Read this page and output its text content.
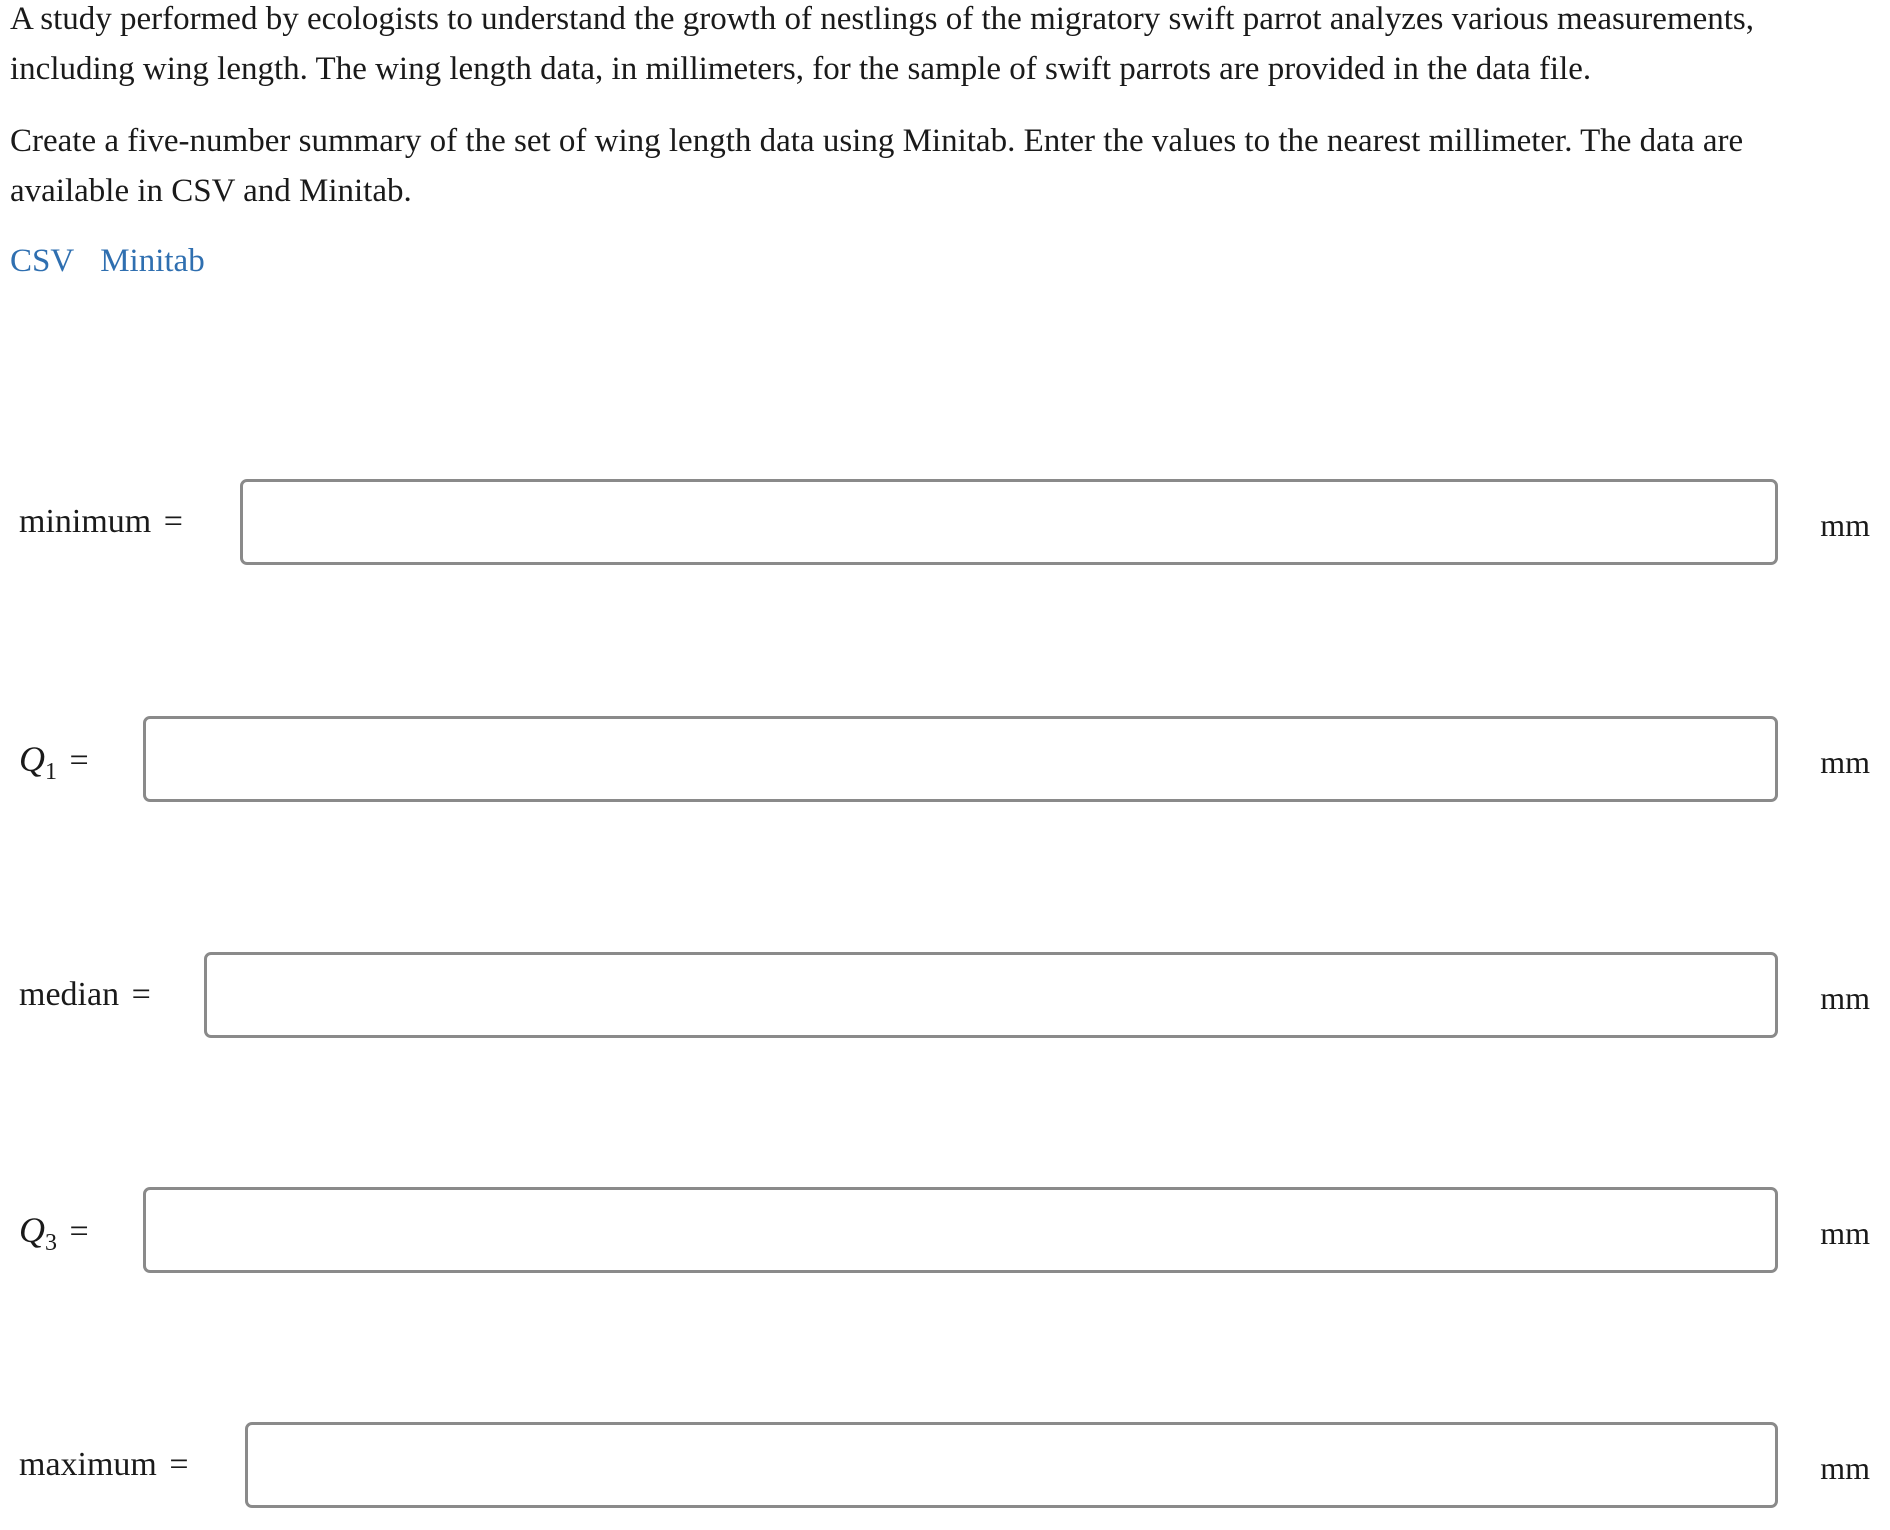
A study performed by ecologists to understand the growth of nestlings of the migratory swift parrot analyzes various measurements, including wing length. The wing length data, in millimeters, for the sample of swift parrots are provided in the data file.

Create a five-number summary of the set of wing length data using Minitab. Enter the values to the nearest millimeter. The data are available in CSV and Minitab.

CSV Minitab
minimum =	mm
$Q_1$ =	mm
median =	mm
$Q_3$ =	mm
maximum =	mm
